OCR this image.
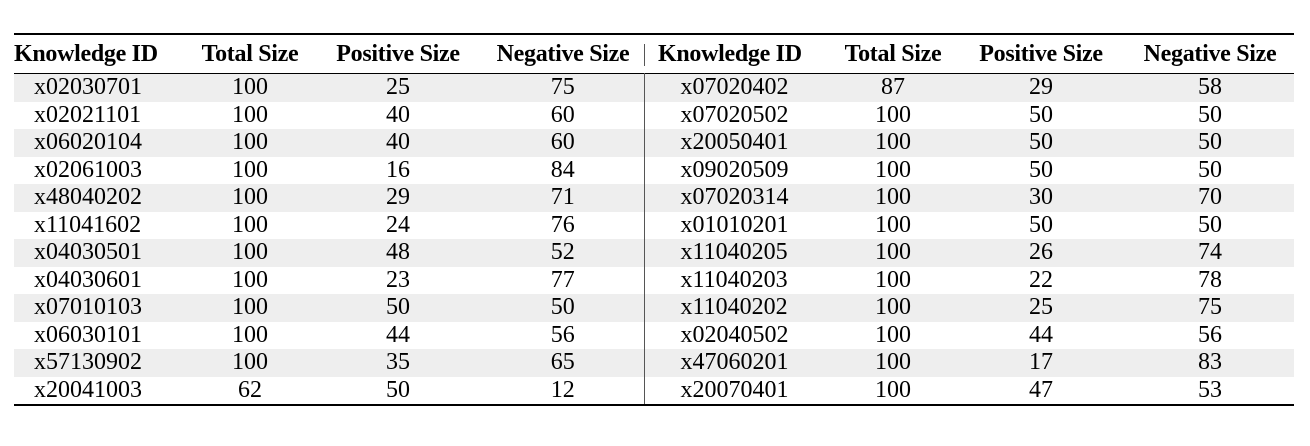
Knowledge ID	Total Size	Positive Size	Negative Size	Knowledge ID	Total Size	Positive Size	Negative Size
x02030701	100	25	75	x07020402	87	29	58
x02021101	100	40	60	x07020502	100	50	50
x06020104	100	40	60	x20050401	100	50	50
x02061003	100	16	84	x09020509	100	50	50
x48040202	100	29	71	x07020314	100	30	70
x11041602	100	24	76	x01010201	100	50	50
x04030501	100	48	52	x11040205	100	26	74
x04030601	100	23	77	x11040203	100	22	78
x07010103	100	50	50	x11040202	100	25	75
x06030101	100	44	56	x02040502	100	44	56
x57130902	100	35	65	x47060201	100	17	83
x20041003	62	50	12	x20070401	100	47	53
